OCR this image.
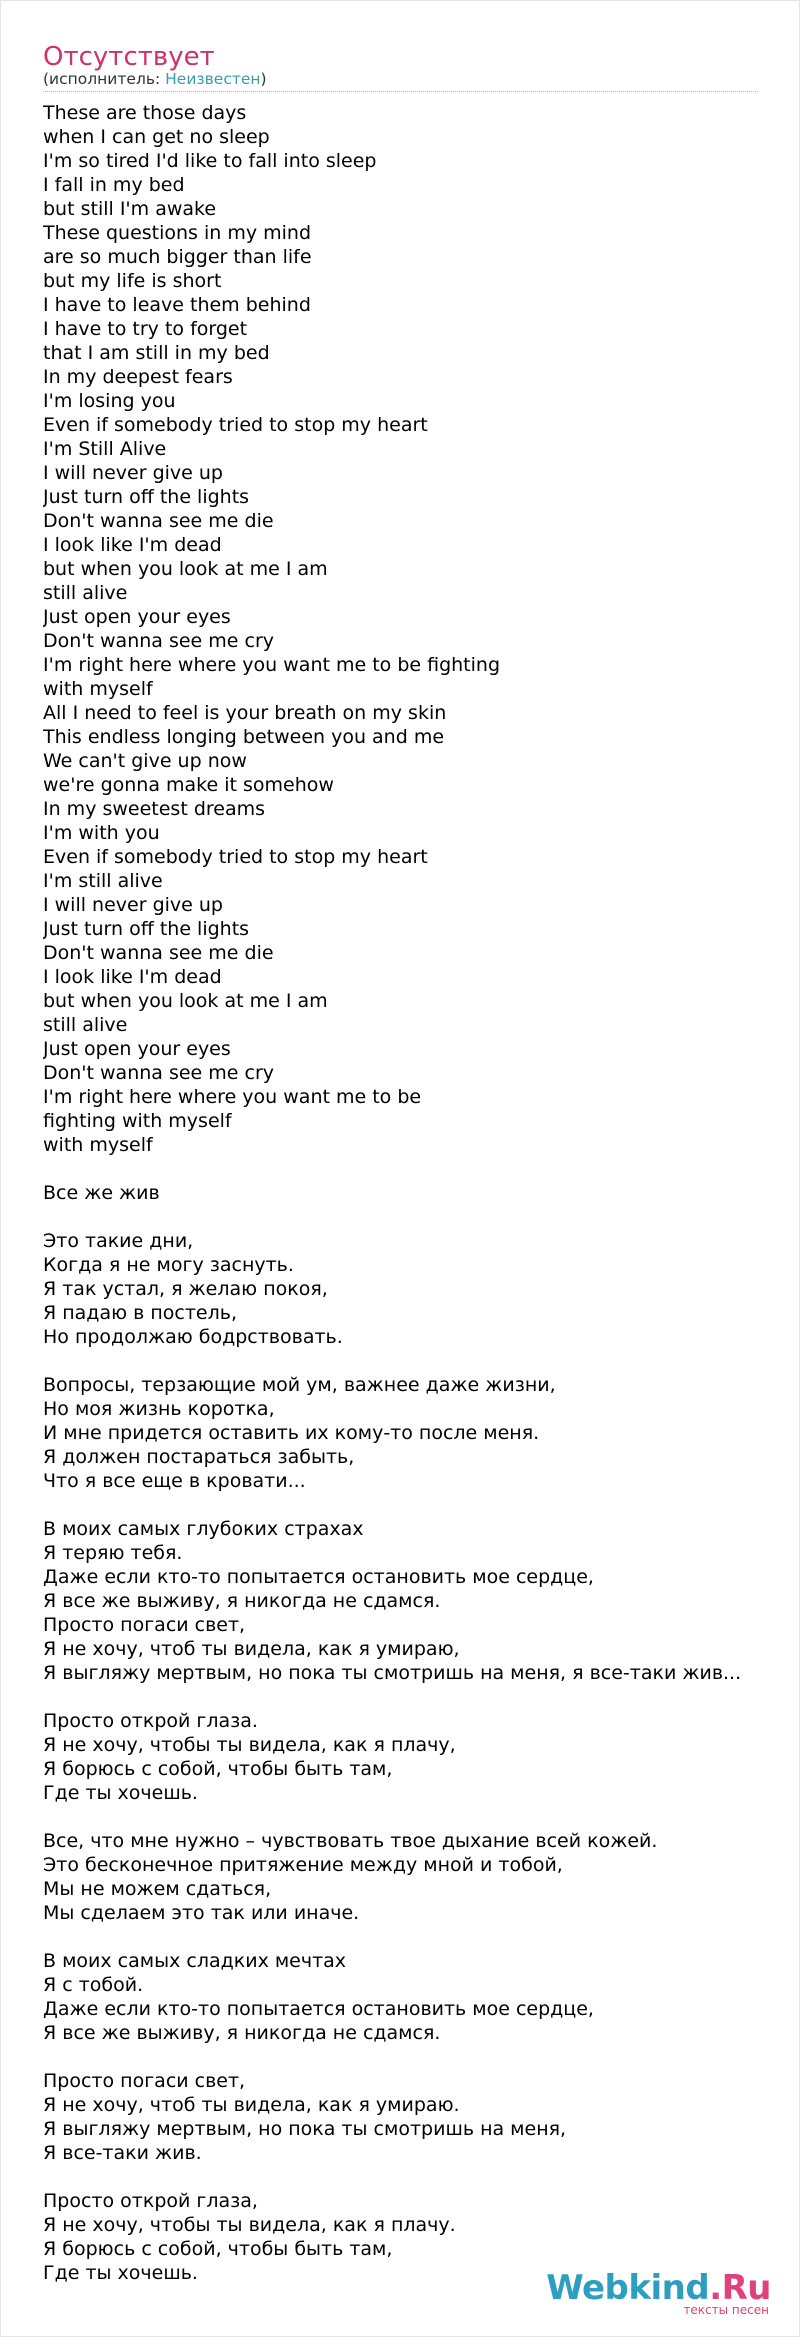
Отсутствует
(исполнитель: Неизвестен)
These are those days
when I can get no sleep
I'm so tired I'd like to fall into sleep
I fall in my bed
but still I'm awake
These questions in my mind
are so much bigger than life
but my life is short
I have to leave them behind
I have to try to forget
that I am still in my bed
In my deepest fears
I'm losing you
Even if somebody tried to stop my heart
I'm Still Alive
I will never give up
Just turn off the lights
Don't wanna see me die
I look like I'm dead
but when you look at me I am
still alive
Just open your eyes
Don't wanna see me cry
I'm right here where you want me to be fighting
with myself
All I need to feel is your breath on my skin
This endless longing between you and me
We can't give up now
we're gonna make it somehow
In my sweetest dreams
I'm with you
Even if somebody tried to stop my heart
I'm still alive
I will never give up
Just turn off the lights
Don't wanna see me die
I look like I'm dead
but when you look at me I am
still alive
Just open your eyes
Don't wanna see me cry
I'm right here where you want me to be
fighting with myself
with myself
Все же жив
Это такие дни,
Когда я не могу заснуть.
Я так устал, я желаю покоя,
Я падаю в постель,
Но продолжаю бодрствовать.
Вопросы, терзающие мой ум, важнее даже жизни,
Но моя жизнь коротка,
И мне придется оставить их кому-то после меня.
Я должен постараться забыть,
Что я все еще в кровати...
В моих самых глубоких страхах
Я теряю тебя.
Даже если кто-то попытается остановить мое сердце,
Я все же выживу, я никогда не сдамся.
Просто погаси свет,
Я не хочу, чтоб ты видела, как я умираю,
Я выгляжу мертвым, но пока ты смотришь на меня, я все-таки жив...
Просто открой глаза.
Я не хочу, чтобы ты видела, как я плачу,
Я борюсь с собой, чтобы быть там,
Где ты хочешь.
Все, что мне нужно – чувствовать твое дыхание всей кожей.
Это бесконечное притяжение между мной и тобой,
Мы не можем сдаться,
Мы сделаем это так или иначе.
В моих самых сладких мечтах
Я с тобой.
Даже если кто-то попытается остановить мое сердце,
Я все же выживу, я никогда не сдамся.
Просто погаси свет,
Я не хочу, чтоб ты видела, как я умираю.
Я выгляжу мертвым, но пока ты смотришь на меня,
Я все-таки жив.
Просто открой глаза,
Я не хочу, чтобы ты видела, как я плачу.
Я борюсь с собой, чтобы быть там,
Где ты хочешь.	Webkind.Ru
тексты песен
